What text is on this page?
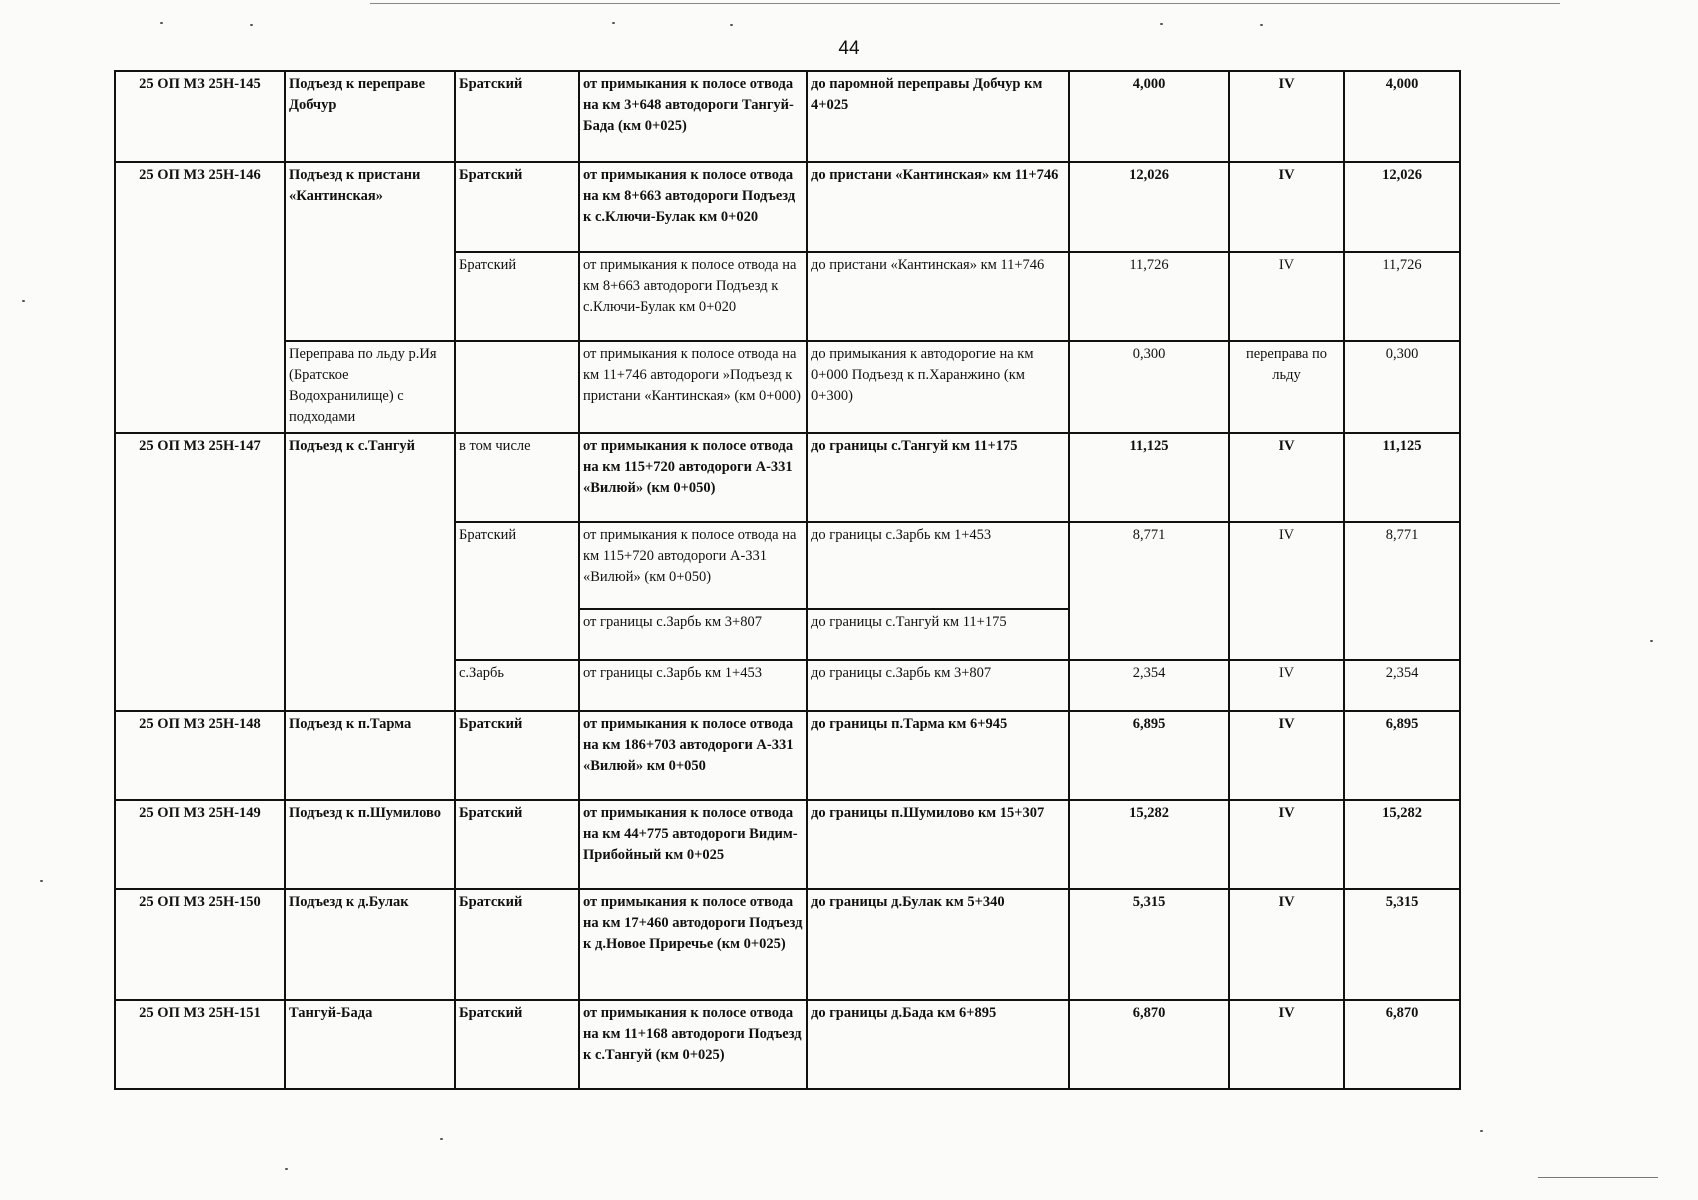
44
25 ОП МЗ 25Н-145	Подъезд к переправе Добчур	Братский	от примыкания к полосе отвода на км 3+648 автодороги Тангуй-Бада (км 0+025)	до паромной переправы Добчур км 4+025	4,000	IV	4,000
25 ОП МЗ 25Н-146	Подъезд к пристани «Кантинская»	Братский	от примыкания к полосе отвода на км 8+663 автодороги Подъезд к с.Ключи-Булак км 0+020	до пристани «Кантинская» км 11+746	12,026	IV	12,026
		Братский	от примыкания к полосе отвода на км 8+663 автодороги Подъезд к с.Ключи-Булак км 0+020	до пристани «Кантинская» км 11+746	11,726	IV	11,726
	Переправа по льду р.Ия (Братское Водохранилище) с подходами		от примыкания к полосе отвода на км 11+746 автодороги »Подъезд к пристани «Кантинская» (км 0+000)	до примыкания к автодорогие на км 0+000 Подъезд к п.Харанжино (км 0+300)	0,300	переправа по льду	0,300
25 ОП МЗ 25Н-147	Подъезд к с.Тангуй	в том числе	от примыкания к полосе отвода на км 115+720 автодороги А-331 «Вилюй» (км 0+050)	до границы с.Тангуй км 11+175	11,125	IV	11,125
		Братский	от примыкания к полосе отвода на км 115+720 автодороги А-331 «Вилюй» (км 0+050)	до границы с.Зарбь км 1+453	8,771	IV	8,771
			от границы с.Зарбь км 3+807	до границы с.Тангуй км 11+175			
		с.Зарбь	от границы с.Зарбь км 1+453	до границы с.Зарбь км 3+807	2,354	IV	2,354
25 ОП МЗ 25Н-148	Подъезд к п.Тарма	Братский	от примыкания к полосе отвода на км 186+703 автодороги А-331 «Вилюй» км 0+050	до границы п.Тарма км 6+945	6,895	IV	6,895
25 ОП МЗ 25Н-149	Подъезд к п.Шумилово	Братский	от примыкания к полосе отвода на км 44+775 автодороги Видим-Прибойный км 0+025	до границы п.Шумилово км 15+307	15,282	IV	15,282
25 ОП МЗ 25Н-150	Подъезд к д.Булак	Братский	от примыкания к полосе отвода на км 17+460 автодороги Подъезд к д.Новое Приречье (км 0+025)	до границы д.Булак км 5+340	5,315	IV	5,315
25 ОП МЗ 25Н-151	Тангуй-Бада	Братский	от примыкания к полосе отвода на км 11+168 автодороги Подъезд к с.Тангуй (км 0+025)	до границы д.Бада км 6+895	6,870	IV	6,870
